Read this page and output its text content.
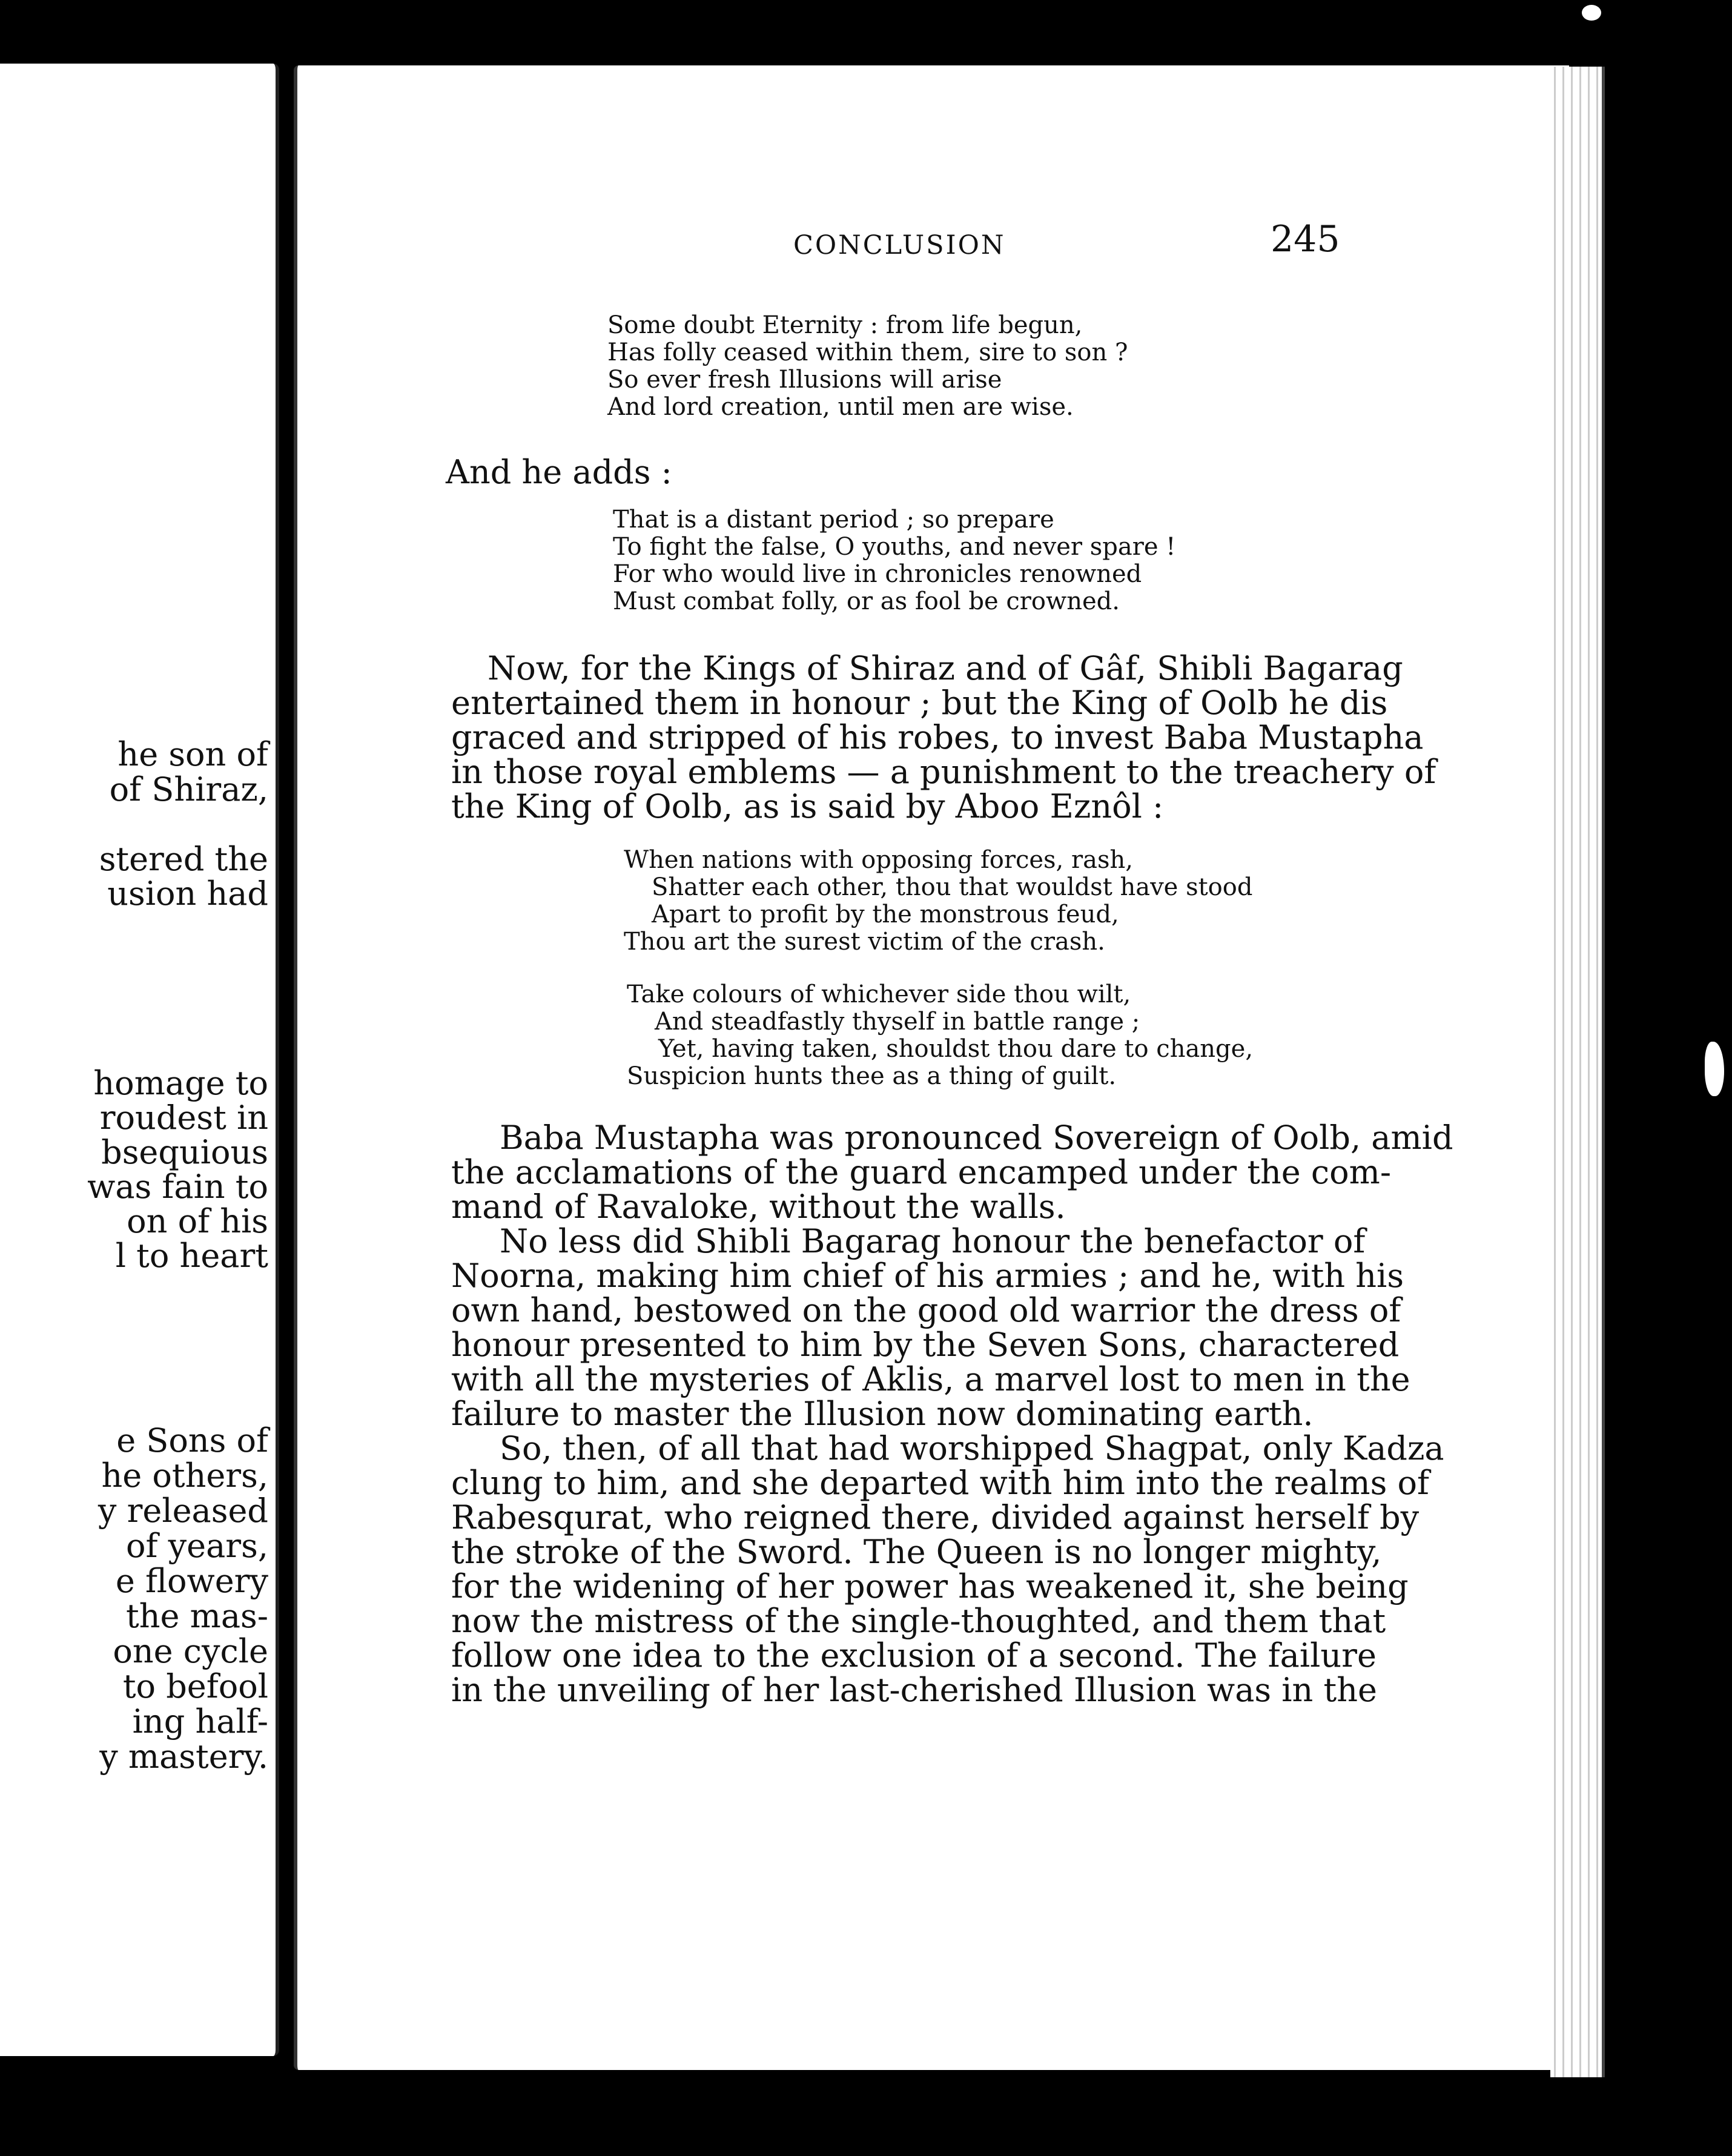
he son of
of Shiraz,
stered the
usion had
homage to
roudest in
bsequious
was fain to
on of his
l to heart
e Sons of
he others,
y released
of years,
e flowery
the mas-
one cycle
to befool
ing half-
y mastery.
CONCLUSION	245
Some doubt Eternity : from life begun,
Has folly ceased within them, sire to son ?
So ever fresh Illusions will arise
And lord creation, until men are wise.
And he adds :
That is a distant period ; so prepare
To fight the false, O youths, and never spare !
For who would live in chronicles renowned
Must combat folly, or as fool be crowned.
Now, for the Kings of Shiraz and of Gâf, Shibli Bagarag
entertained them in honour ; but the King of Oolb he dis
graced and stripped of his robes, to invest Baba Mustapha
in those royal emblems — a punishment to the treachery of
the King of Oolb, as is said by Aboo Eznôl :
When nations with opposing forces, rash,
Shatter each other, thou that wouldst have stood
Apart to profit by the monstrous feud,
Thou art the surest victim of the crash.
Take colours of whichever side thou wilt,
And steadfastly thyself in battle range ;
Yet, having taken, shouldst thou dare to change,
Suspicion hunts thee as a thing of guilt.
Baba Mustapha was pronounced Sovereign of Oolb, amid
the acclamations of the guard encamped under the com-
mand of Ravaloke, without the walls.
No less did Shibli Bagarag honour the benefactor of
Noorna, making him chief of his armies ; and he, with his
own hand, bestowed on the good old warrior the dress of
honour presented to him by the Seven Sons, charactered
with all the mysteries of Aklis, a marvel lost to men in the
failure to master the Illusion now dominating earth.
So, then, of all that had worshipped Shagpat, only Kadza
clung to him, and she departed with him into the realms of
Rabesqurat, who reigned there, divided against herself by
the stroke of the Sword. The Queen is no longer mighty,
for the widening of her power has weakened it, she being
now the mistress of the single-thoughted, and them that
follow one idea to the exclusion of a second. The failure
in the unveiling of her last-cherished Illusion was in the
